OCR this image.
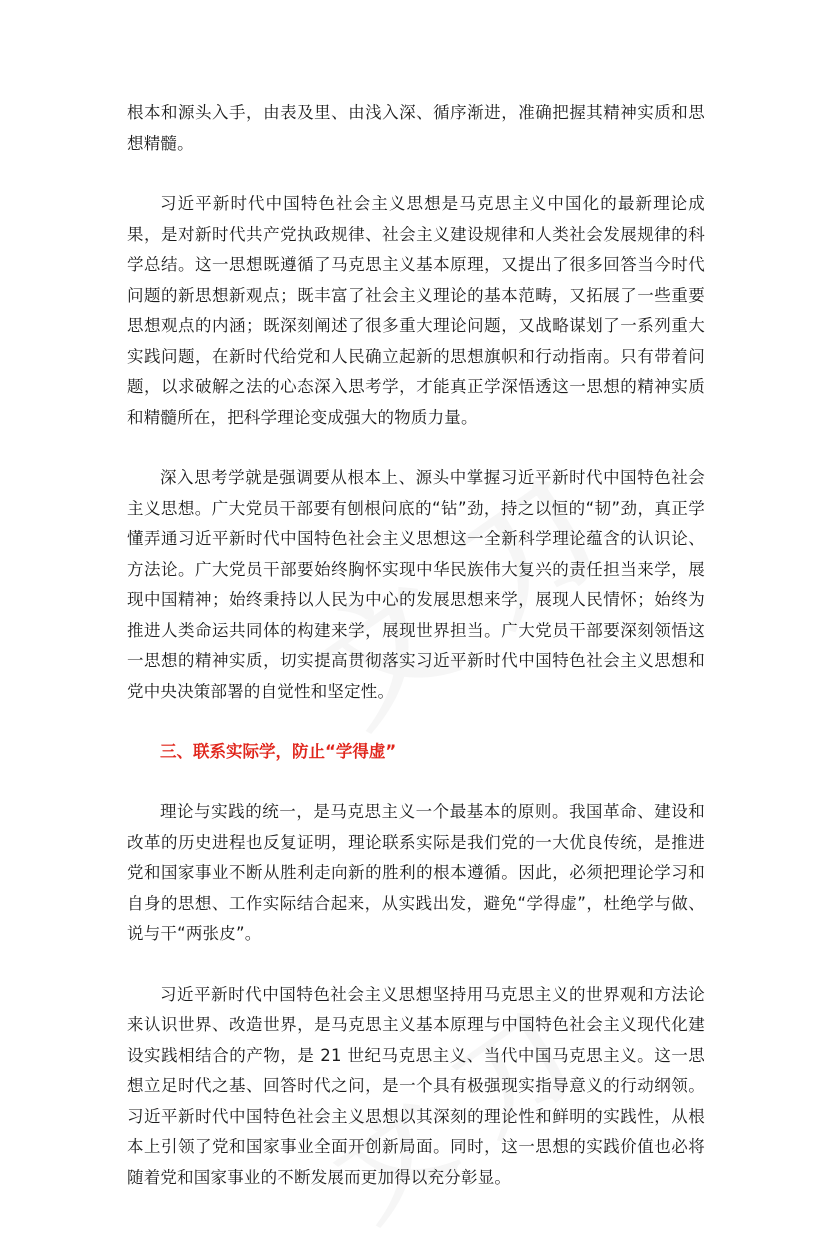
根本和源头入手，由表及里、由浅入深、循序渐进，准确把握其精神实质和思想精髓。

习近平新时代中国特色社会主义思想是马克思主义中国化的最新理论成果，是对新时代共产党执政规律、社会主义建设规律和人类社会发展规律的科学总结。这一思想既遵循了马克思主义基本原理，又提出了很多回答当今时代问题的新思想新观点；既丰富了社会主义理论的基本范畴，又拓展了一些重要思想观点的内涵；既深刻阐述了很多重大理论问题，又战略谋划了一系列重大实践问题，在新时代给党和人民确立起新的思想旗帜和行动指南。只有带着问题，以求破解之法的心态深入思考学，才能真正学深悟透这一思想的精神实质和精髓所在，把科学理论变成强大的物质力量。

深入思考学就是强调要从根本上、源头中掌握习近平新时代中国特色社会主义思想。广大党员干部要有刨根问底的“钻”劲，持之以恒的“韧”劲，真正学懂弄通习近平新时代中国特色社会主义思想这一全新科学理论蕴含的认识论、方法论。广大党员干部要始终胸怀实现中华民族伟大复兴的责任担当来学，展现中国精神；始终秉持以人民为中心的发展思想来学，展现人民情怀；始终为推进人类命运共同体的构建来学，展现世界担当。广大党员干部要深刻领悟这一思想的精神实质，切实提高贯彻落实习近平新时代中国特色社会主义思想和党中央决策部署的自觉性和坚定性。

三、联系实际学，防止“学得虚”

理论与实践的统一，是马克思主义一个最基本的原则。我国革命、建设和改革的历史进程也反复证明，理论联系实际是我们党的一大优良传统，是推进党和国家事业不断从胜利走向新的胜利的根本遵循。因此，必须把理论学习和自身的思想、工作实际结合起来，从实践出发，避免“学得虚”，杜绝学与做、说与干“两张皮”。

习近平新时代中国特色社会主义思想坚持用马克思主义的世界观和方法论来认识世界、改造世界，是马克思主义基本原理与中国特色社会主义现代化建设实践相结合的产物，是 21 世纪马克思主义、当代中国马克思主义。这一思想立足时代之基、回答时代之问，是一个具有极强现实指导意义的行动纲领。习近平新时代中国特色社会主义思想以其深刻的理论性和鲜明的实践性，从根本上引领了党和国家事业全面开创新局面。同时，这一思想的实践价值也必将随着党和国家事业的不断发展而更加得以充分彰显。
